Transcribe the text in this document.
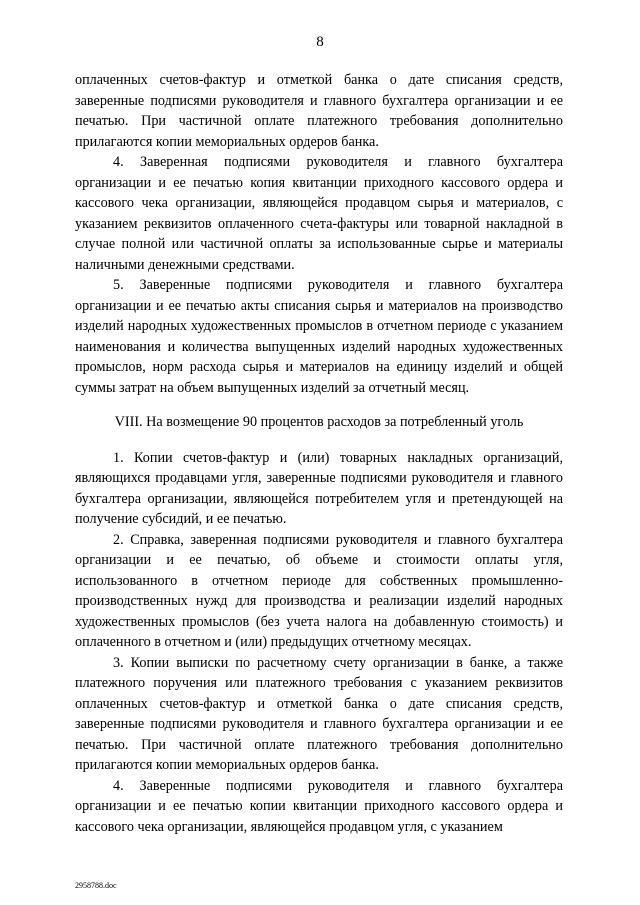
8

оплаченных счетов-фактур и отметкой банка о дате списания средств, заверенные подписями руководителя и главного бухгалтера организации и ее печатью. При частичной оплате платежного требования дополнительно прилагаются копии мемориальных ордеров банка.

4. Заверенная подписями руководителя и главного бухгалтера организации и ее печатью копия квитанции приходного кассового ордера и кассового чека организации, являющейся продавцом сырья и материалов, с указанием реквизитов оплаченного счета-фактуры или товарной накладной в случае полной или частичной оплаты за использованные сырье и материалы наличными денежными средствами.

5. Заверенные подписями руководителя и главного бухгалтера организации и ее печатью акты списания сырья и материалов на производство изделий народных художественных промыслов в отчетном периоде с указанием наименования и количества выпущенных изделий народных художественных промыслов, норм расхода сырья и материалов на единицу изделий и общей суммы затрат на объем выпущенных изделий за отчетный месяц.

VIII. На возмещение 90 процентов расходов за потребленный уголь

1. Копии счетов-фактур и (или) товарных накладных организаций, являющихся продавцами угля, заверенные подписями руководителя и главного бухгалтера организации, являющейся потребителем угля и претендующей на получение субсидий, и ее печатью.

2. Справка, заверенная подписями руководителя и главного бухгалтера организации и ее печатью, об объеме и стоимости оплаты угля, использованного в отчетном периоде для собственных промышленно-производственных нужд для производства и реализации изделий народных художественных промыслов (без учета налога на добавленную стоимость) и оплаченного в отчетном и (или) предыдущих отчетному месяцах.

3. Копии выписки по расчетному счету организации в банке, а также платежного поручения или платежного требования с указанием реквизитов оплаченных счетов-фактур и отметкой банка о дате списания средств, заверенные подписями руководителя и главного бухгалтера организации и ее печатью. При частичной оплате платежного требования дополнительно прилагаются копии мемориальных ордеров банка.

4. Заверенные подписями руководителя и главного бухгалтера организации и ее печатью копии квитанции приходного кассового ордера и кассового чека организации, являющейся продавцом угля, с указанием

2958788.doc
